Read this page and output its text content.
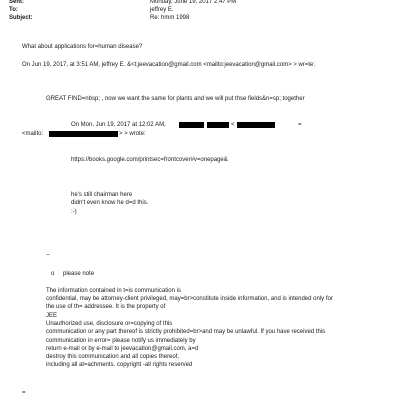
Sent:	Monday, June 19, 2017 2:47 PM
To:	jeffrey E.
Subject:	Re: hmm 1998
What about applications for=human disease?
On Jun 19, 2017, at 3:51 AM, jeffrey E. &<t;jeevacation@gmail.com <mailto:jeevacation@gmail.com> > wr=te:
GREAT FIND=nbsp; , now we want the same for plants and we will put thse fields&n=sp; together
On Mon, Jun 19, 2017 at 12:02 AM,	<	=
<mailto:	> > wrote:
https://books.google.com/printsec=frontcover#v=onepage&
he's still chairman here
didn't even know he d=d this.
:-)
--
o please note
The information contained in t=is communication is
confidential, may be attorney-client privileged, may=br>constitute inside information, and is intended only for
the use of th= addressee. It is the property of
JEE
Unauthorized use, disclosure or=copying of this
communication or any part thereof is strictly prohibited=br>and may be unlawful. If you have received this
communication in error= please notify us immediately by
return e-mail or by e-mail to jeevacation@gmail.com, a=d
destroy this communication and all copies thereof,
including all at=achments. copyright -all rights reserved
=
